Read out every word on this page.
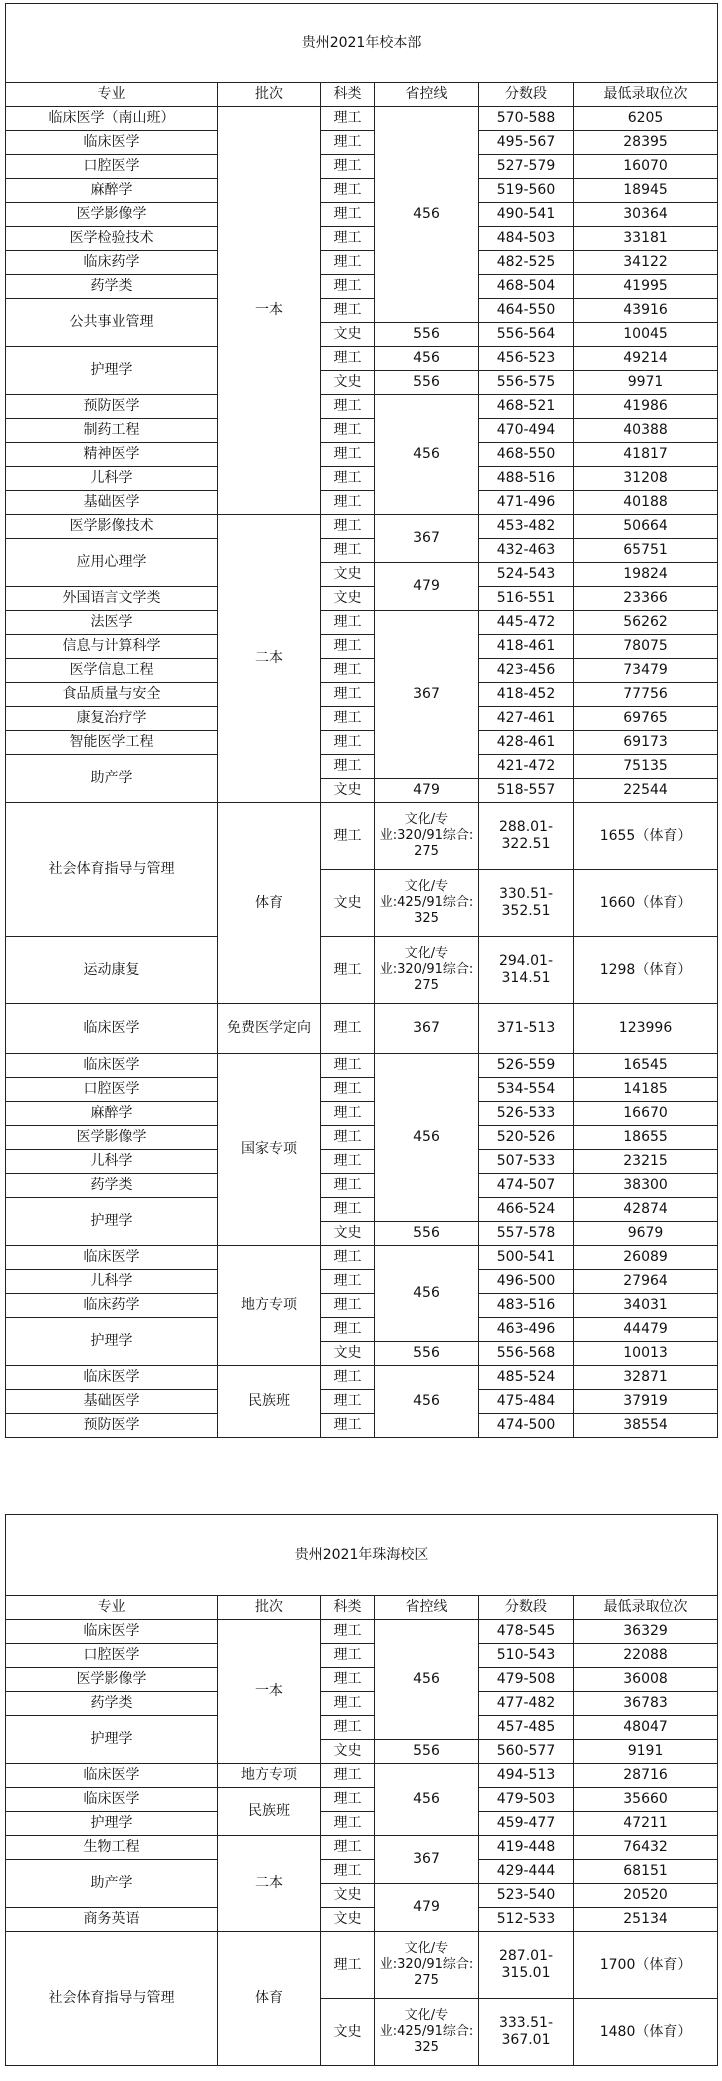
贵州2021年校本部					
专业	批次	科类	省控线	分数段	最低录取位次
临床医学（南山班）	一本	理工	456	570-588	6205
临床医学		理工		495-567	28395
口腔医学		理工		527-579	16070
麻醉学		理工		519-560	18945
医学影像学		理工		490-541	30364
医学检验技术		理工		484-503	33181
临床药学		理工		482-525	34122
药学类		理工		468-504	41995
公共事业管理		理工		464-550	43916
		文史	556	556-564	10045
护理学		理工	456	456-523	49214
		文史	556	556-575	9971
预防医学		理工	456	468-521	41986
制药工程		理工		470-494	40388
精神医学		理工		468-550	41817
儿科学		理工		488-516	31208
基础医学		理工		471-496	40188
医学影像技术	二本	理工	367	453-482	50664
应用心理学		理工		432-463	65751
		文史	479	524-543	19824
外国语言文学类		文史		516-551	23366
法医学		理工	367	445-472	56262
信息与计算科学		理工		418-461	78075
医学信息工程		理工		423-456	73479
食品质量与安全		理工		418-452	77756
康复治疗学		理工		427-461	69765
智能医学工程		理工		428-461	69173
助产学		理工		421-472	75135
		文史	479	518-557	22544
社会体育指导与管理	体育	理工	文化/专业:320/91综合: 275	288.01-322.51	1655（体育）
		文史	文化/专业:425/91综合: 325	330.51-352.51	1660（体育）
运动康复		理工	文化/专业:320/91综合: 275	294.01-314.51	1298（体育）
临床医学	免费医学定向	理工	367	371-513	123996
临床医学	国家专项	理工	456	526-559	16545
口腔医学		理工		534-554	14185
麻醉学		理工		526-533	16670
医学影像学		理工		520-526	18655
儿科学		理工		507-533	23215
药学类		理工		474-507	38300
护理学		理工		466-524	42874
		文史	556	557-578	9679
临床医学	地方专项	理工	456	500-541	26089
儿科学		理工		496-500	27964
临床药学		理工		483-516	34031
护理学		理工		463-496	44479
		文史	556	556-568	10013
临床医学	民族班	理工	456	485-524	32871
基础医学		理工		475-484	37919
预防医学		理工		474-500	38554
贵州2021年珠海校区					
专业	批次	科类	省控线	分数段	最低录取位次
临床医学	一本	理工	456	478-545	36329
口腔医学		理工		510-543	22088
医学影像学		理工		479-508	36008
药学类		理工		477-482	36783
护理学		理工		457-485	48047
		文史	556	560-577	9191
临床医学	地方专项	理工	456	494-513	28716
临床医学	民族班	理工		479-503	35660
护理学		理工		459-477	47211
生物工程	二本	理工	367	419-448	76432
助产学		理工		429-444	68151
		文史	479	523-540	20520
商务英语		文史		512-533	25134
社会体育指导与管理	体育	理工	文化/专业:320/91综合: 275	287.01-315.01	1700（体育）
		文史	文化/专业:425/91综合: 325	333.51-367.01	1480（体育）
